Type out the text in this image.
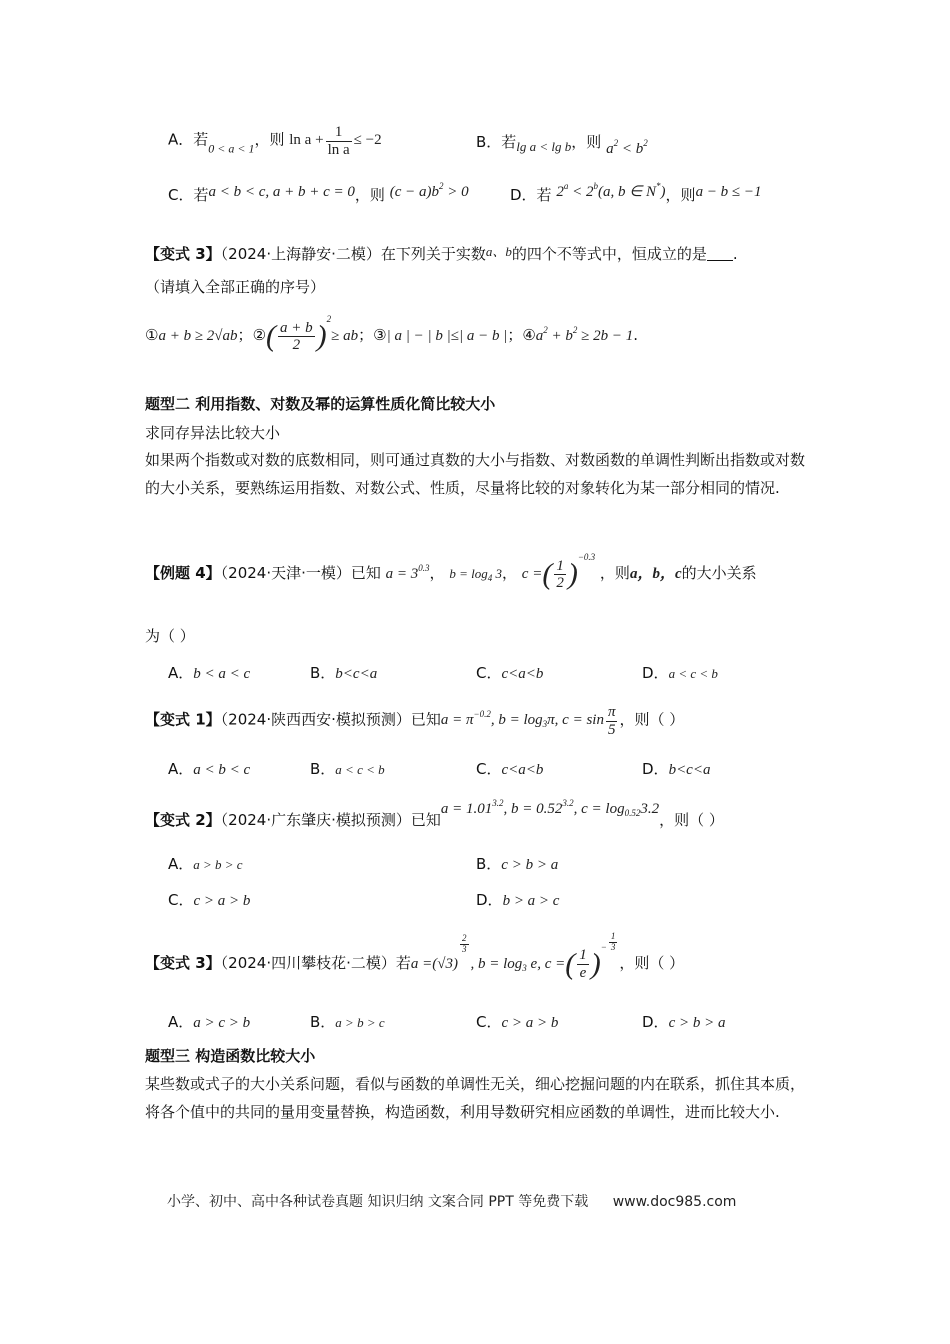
A．若$_{0 < a < 1}$，则 $\ln a + \frac{1}{\text{ln a}} \le -2$	B．若lg a < lg b，则 $a^2 < b^2$
C．若a < b < c, a + b + c = 0，则 $(c - a)b^2 > 0$	D．若 $2^a < 2^b(a$, b ∈ N*)，则a − b ≤ −1
【变式 3】（2024·上海静安·二模）在下列关于实数a、b的四个不等式中，恒成立的是 .
（请填入全部正确的序号）
①a + b ≥ 2√ab；②( $\frac{a + b}{2} )^2\ge$ ab；③| a | − | b |≤| a − b |；$④a^2 + b^2 \ge 2b - 1$.
题型二 利用指数、对数及幂的运算性质化简比较大小
求同存异法比较大小
如果两个指数或对数的底数相同，则可通过真数的大小与指数、对数函数的单调性判断出指数或对数的大小关系，要熟练运用指数、对数公式、性质，尽量将比较的对象转化为某一部分相同的情况.
【例题 4】（2024·天津·一模）已知 $a = 3^{0.3}$， $b = \log_4 3$， c =( $\frac{1}{2} )^{-0.3}$ ，则a，b，c的大小关系
为（ ）
A．b < a < c	B．b<c<a	C．c<a<b	D．a < c < b
【变式 1】（2024·陕西西安·模拟预测）已知$a = \pi^{-0.2}$, $b = \log_3\pi$, $c = \sin \frac{\pi}{5}$ ，则（ ）
A．a < b < c	B．a < c < b	C．c<a<b	D．b<c<a
【变式 2】（2024·广东肇庆·模拟预测）已知$a = 1.01^{3.2}$, $b = 0.52^{3.2}$, $c = \log_{0.52}3.2$，则（ ）
A．a > b > c	B．c > b > a
C．c > a > b	D．b > a > c
【变式 3】（2024·四川攀枝花·二模）若a =(√3)
$\frac{2}{3}$
, $b = \log_3 e$, c =( $\frac{1}{e} )^- \frac{1}{3}$
，则（ ）
A．a > c > b	B．a > b > c	C．c > a > b	D．c > b > a
题型三 构造函数比较大小
某些数或式子的大小关系问题，看似与函数的单调性无关，细心挖掘问题的内在联系，抓住其本质，将各个值中的共同的量用变量替换，构造函数，利用导数研究相应函数的单调性，进而比较大小.
小学、初中、高中各种试卷真题 知识归纳 文案合同 PPT 等免费下载 www.doc985.com
